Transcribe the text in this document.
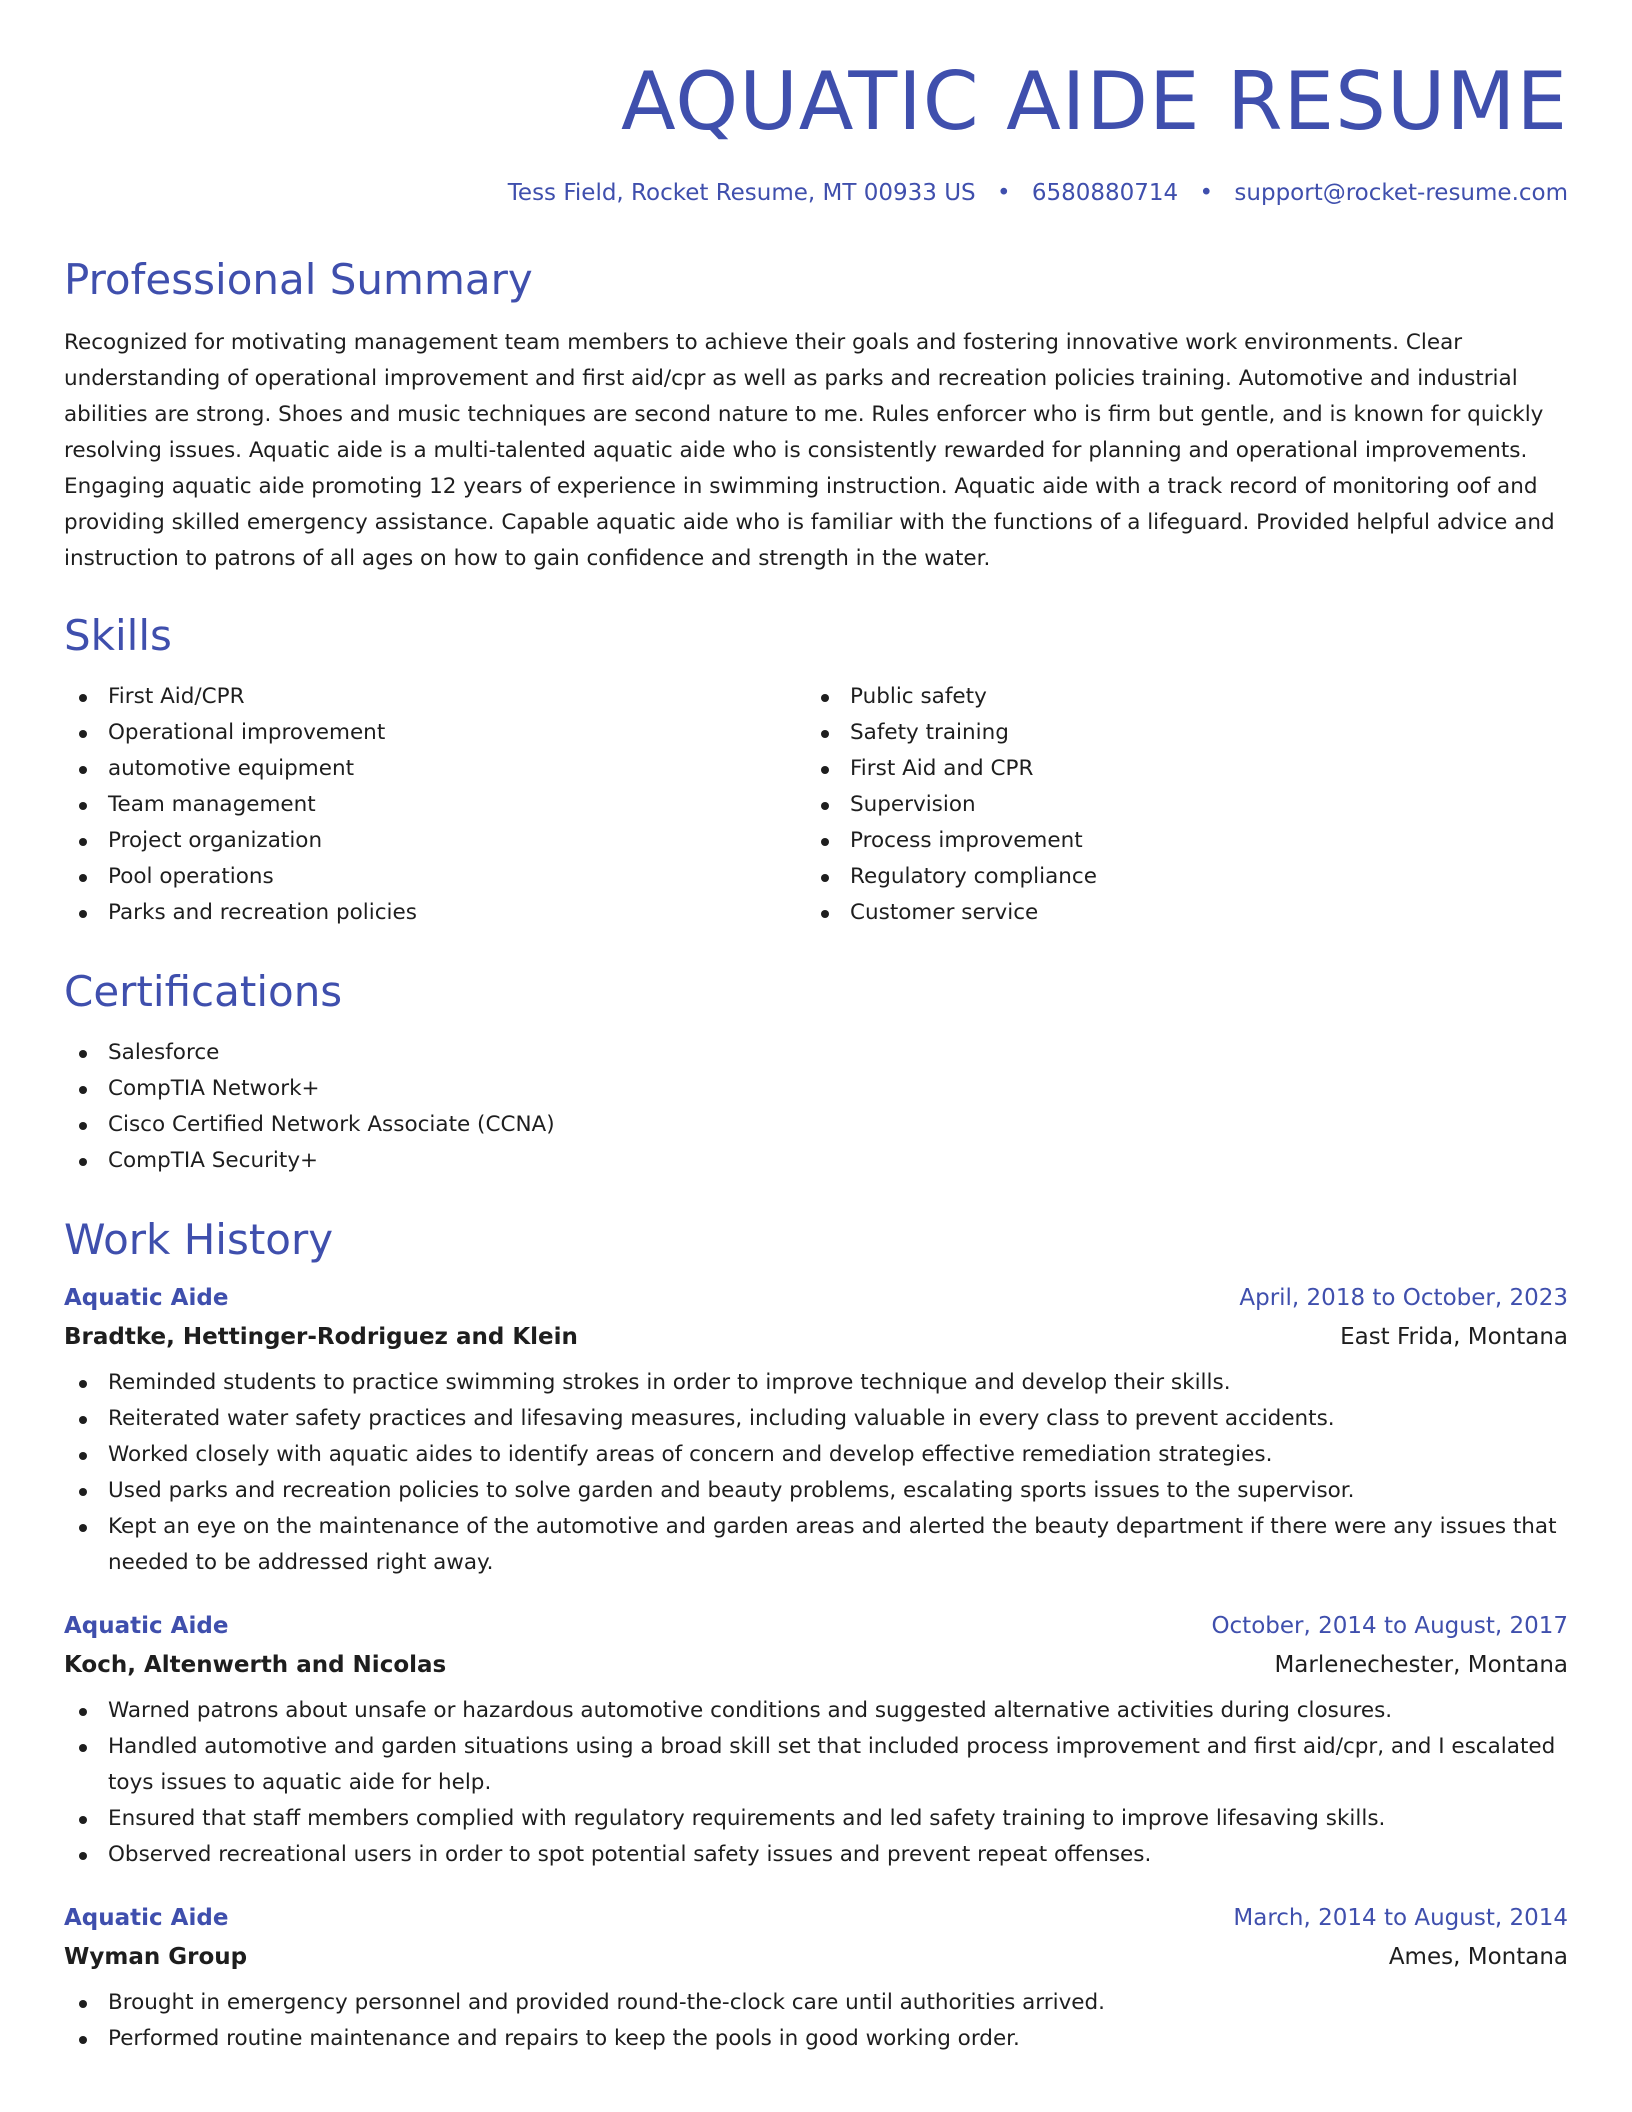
AQUATIC AIDE RESUME
Tess Field, Rocket Resume, MT 00933 US • 6580880714 • support@rocket-resume.com
Professional Summary

Recognized for motivating management team members to achieve their goals and fostering innovative work environments. Clear understanding of operational improvement and first aid/cpr as well as parks and recreation policies training. Automotive and industrial abilities are strong. Shoes and music techniques are second nature to me. Rules enforcer who is firm but gentle, and is known for quickly resolving issues. Aquatic aide is a multi-talented aquatic aide who is consistently rewarded for planning and operational improvements. Engaging aquatic aide promoting 12 years of experience in swimming instruction. Aquatic aide with a track record of monitoring oof and providing skilled emergency assistance. Capable aquatic aide who is familiar with the functions of a lifeguard. Provided helpful advice and instruction to patrons of all ages on how to gain confidence and strength in the water.

Skills
First Aid/CPR
Operational improvement
automotive equipment
Team management
Project organization
Pool operations
Parks and recreation policies
Public safety
Safety training
First Aid and CPR
Supervision
Process improvement
Regulatory compliance
Customer service
Certifications
Salesforce
CompTIA Network+
Cisco Certified Network Associate (CCNA)
CompTIA Security+
Work History
Aquatic Aide	April, 2018 to October, 2023
Bradtke, Hettinger-Rodriguez and Klein	East Frida, Montana
Reminded students to practice swimming strokes in order to improve technique and develop their skills.
Reiterated water safety practices and lifesaving measures, including valuable in every class to prevent accidents.
Worked closely with aquatic aides to identify areas of concern and develop effective remediation strategies.
Used parks and recreation policies to solve garden and beauty problems, escalating sports issues to the supervisor.
Kept an eye on the maintenance of the automotive and garden areas and alerted the beauty department if there were any issues that needed to be addressed right away.
Aquatic Aide	October, 2014 to August, 2017
Koch, Altenwerth and Nicolas	Marlenechester, Montana
Warned patrons about unsafe or hazardous automotive conditions and suggested alternative activities during closures.
Handled automotive and garden situations using a broad skill set that included process improvement and first aid/cpr, and I escalated toys issues to aquatic aide for help.
Ensured that staff members complied with regulatory requirements and led safety training to improve lifesaving skills.
Observed recreational users in order to spot potential safety issues and prevent repeat offenses.
Aquatic Aide	March, 2014 to August, 2014
Wyman Group	Ames, Montana
Brought in emergency personnel and provided round-the-clock care until authorities arrived.
Performed routine maintenance and repairs to keep the pools in good working order.
